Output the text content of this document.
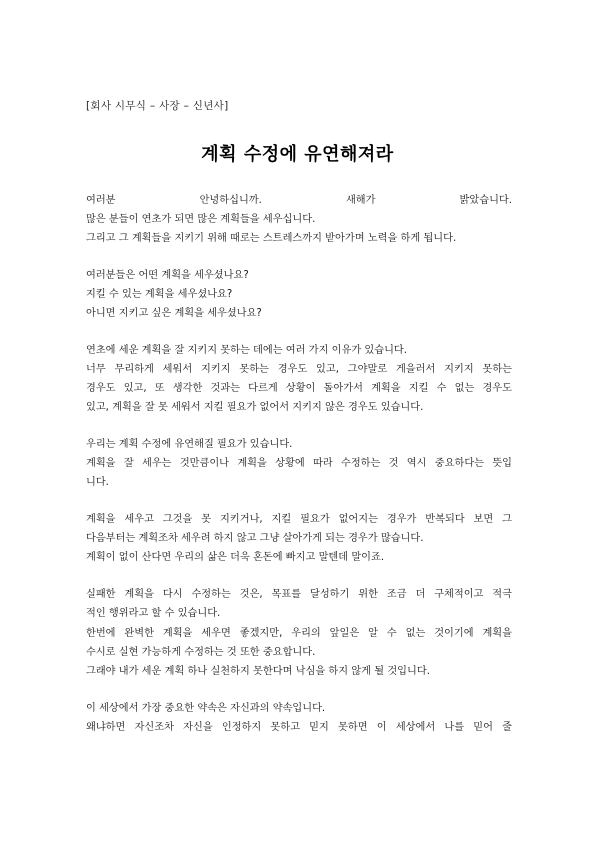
[회사 시무식 – 사장 – 신년사]
계획 수정에 유연해져라
여러분 안녕하십니까. 새해가 밝았습니다.
많은 분들이 연초가 되면 많은 계획들을 세우십니다.
그리고 그 계획들을 지키기 위해 때로는 스트레스까지 받아가며 노력을 하게 됩니다.
여러분들은 어떤 계획을 세우셨나요?
지킬 수 있는 계획을 세우셨나요?
아니면 지키고 싶은 계획을 세우셨나요?
연초에 세운 계획을 잘 지키지 못하는 데에는 여러 가지 이유가 있습니다.
너무 무리하게 세워서 지키지 못하는 경우도 있고, 그야말로 게을러서 지키지 못하는
경우도 있고, 또 생각한 것과는 다르게 상황이 돌아가서 계획을 지킬 수 없는 경우도
있고, 계획을 잘 못 세워서 지킬 필요가 없어서 지키지 않은 경우도 있습니다.
우리는 계획 수정에 유연해질 필요가 있습니다.
계획을 잘 세우는 것만큼이나 계획을 상황에 따라 수정하는 것 역시 중요하다는 뜻입
니다.
계획을 세우고 그것을 못 지키거나, 지킬 필요가 없어지는 경우가 반복되다 보면 그
다음부터는 계획조차 세우려 하지 않고 그냥 살아가게 되는 경우가 많습니다.
계획이 없이 산다면 우리의 삶은 더욱 혼돈에 빠지고 말텐데 말이죠.
실패한 계획을 다시 수정하는 것은, 목표를 달성하기 위한 조금 더 구체적이고 적극
적인 행위라고 할 수 있습니다.
한번에 완벽한 계획을 세우면 좋겠지만, 우리의 앞일은 알 수 없는 것이기에 계획을
수시로 실현 가능하게 수정하는 것 또한 중요합니다.
그래야 내가 세운 계획 하나 실천하지 못한다며 낙심을 하지 않게 될 것입니다.
이 세상에서 가장 중요한 약속은 자신과의 약속입니다.
왜냐하면 자신조차 자신을 인정하지 못하고 믿지 못하면 이 세상에서 나를 믿어 줄
